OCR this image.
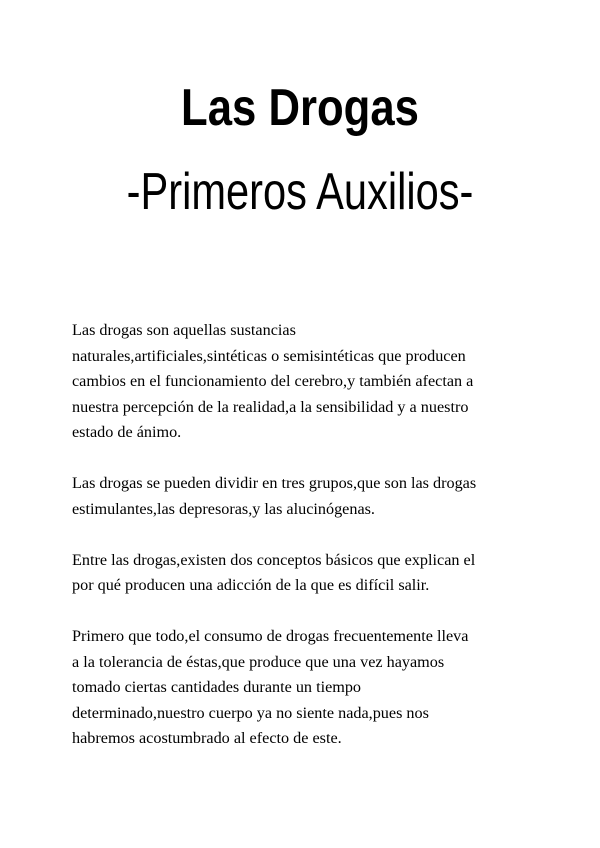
Las Drogas
-Primeros Auxilios-

Las drogas son aquellas sustancias
naturales,artificiales,sintéticas o semisintéticas que producen
cambios en el funcionamiento del cerebro,y también afectan a
nuestra percepción de la realidad,a la sensibilidad y a nuestro
estado de ánimo.

Las drogas se pueden dividir en tres grupos,que son las drogas
estimulantes,las depresoras,y las alucinógenas.

Entre las drogas,existen dos conceptos básicos que explican el
por qué producen una adicción de la que es difícil salir.

Primero que todo,el consumo de drogas frecuentemente lleva
a la tolerancia de éstas,que produce que una vez hayamos
tomado ciertas cantidades durante un tiempo
determinado,nuestro cuerpo ya no siente nada,pues nos
habremos acostumbrado al efecto de este.
